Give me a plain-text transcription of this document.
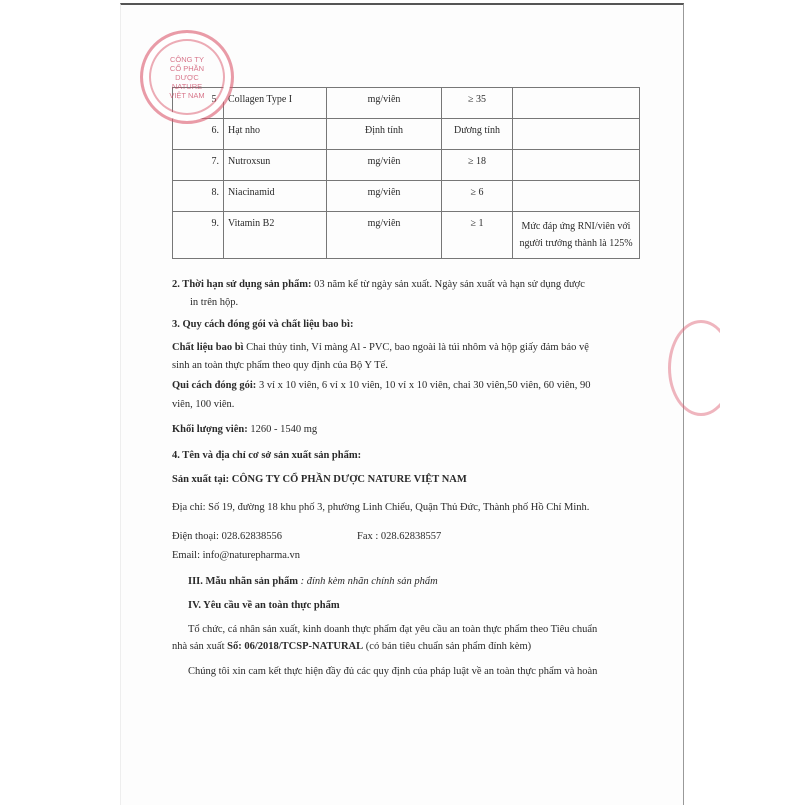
5.	Collagen Type I	mg/viên	≥ 35	
6.	Hạt nho	Định tính	Dương tính	
7.	Nutroxsun	mg/viên	≥ 18	
8.	Niacinamid	mg/viên	≥ 6	
9.	Vitamin B2	mg/viên	≥ 1	Mức đáp ứng RNI/viên với người trưởng thành là 125%
CÔNG TY
CỔ PHẦN
DƯỢC
NATURE
VIỆT NAM
2. Thời hạn sử dụng sản phẩm: 03 năm kể từ ngày sản xuất. Ngày sản xuất và hạn sử dụng được
in trên hộp.
3. Quy cách đóng gói và chất liệu bao bì:
Chất liệu bao bì Chai thủy tinh, Vỉ màng Al - PVC, bao ngoài là túi nhôm và hộp giấy đảm bảo vệ
sinh an toàn thực phẩm theo quy định của Bộ Y Tế.
Qui cách đóng gói: 3 vỉ x 10 viên, 6 vỉ x 10 viên, 10 vỉ x 10 viên, chai 30 viên,50 viên, 60 viên, 90
viên, 100 viên.
Khối lượng viên: 1260 - 1540 mg
4. Tên và địa chỉ cơ sở sản xuất sản phẩm:
Sản xuất tại: CÔNG TY CỔ PHẦN DƯỢC NATURE VIỆT NAM
Địa chỉ: Số 19, đường 18 khu phố 3, phường Linh Chiểu, Quận Thủ Đức, Thành phố Hồ Chí Minh.
Điện thoại: 028.62838556	Fax : 028.62838557
Email: info@naturepharma.vn
III. Mẫu nhãn sản phẩm : đính kèm nhãn chính sản phẩm
IV. Yêu cầu về an toàn thực phẩm
Tổ chức, cá nhân sản xuất, kinh doanh thực phẩm đạt yêu cầu an toàn thực phẩm theo Tiêu chuẩn
nhà sản xuất Số: 06/2018/TCSP-NATURAL (có bản tiêu chuẩn sản phẩm đính kèm)
Chúng tôi xin cam kết thực hiện đầy đủ các quy định của pháp luật về an toàn thực phẩm và hoàn
